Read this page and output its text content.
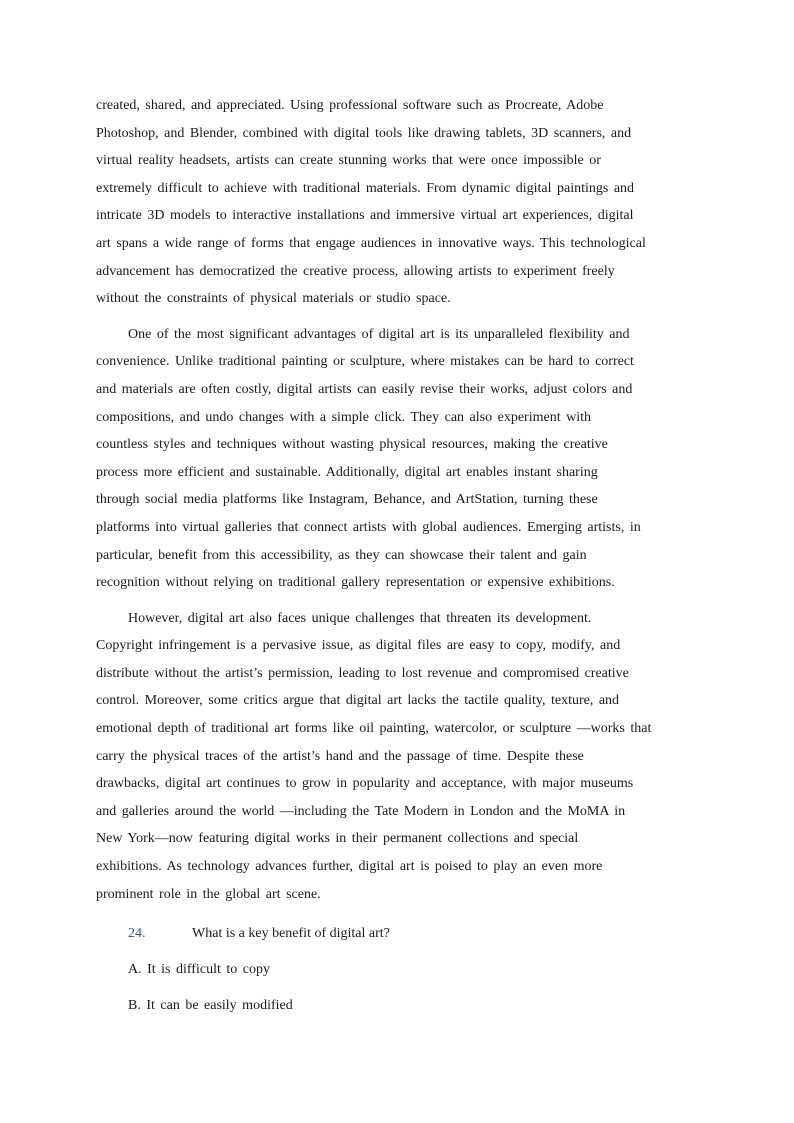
created, shared, and appreciated. Using professional software such as Procreate, Adobe
Photoshop, and Blender, combined with digital tools like drawing tablets, 3D scanners, and
virtual reality headsets, artists can create stunning works that were once impossible or
extremely difficult to achieve with traditional materials. From dynamic digital paintings and
intricate 3D models to interactive installations and immersive virtual art experiences, digital
art spans a wide range of forms that engage audiences in innovative ways. This technological
advancement has democratized the creative process, allowing artists to experiment freely
without the constraints of physical materials or studio space.
One of the most significant advantages of digital art is its unparalleled flexibility and
convenience. Unlike traditional painting or sculpture, where mistakes can be hard to correct
and materials are often costly, digital artists can easily revise their works, adjust colors and
compositions, and undo changes with a simple click. They can also experiment with
countless styles and techniques without wasting physical resources, making the creative
process more efficient and sustainable. Additionally, digital art enables instant sharing
through social media platforms like Instagram, Behance, and ArtStation, turning these
platforms into virtual galleries that connect artists with global audiences. Emerging artists, in
particular, benefit from this accessibility, as they can showcase their talent and gain
recognition without relying on traditional gallery representation or expensive exhibitions.
However, digital art also faces unique challenges that threaten its development.
Copyright infringement is a pervasive issue, as digital files are easy to copy, modify, and
distribute without the artist’s permission, leading to lost revenue and compromised creative
control. Moreover, some critics argue that digital art lacks the tactile quality, texture, and
emotional depth of traditional art forms like oil painting, watercolor, or sculpture —works that
carry the physical traces of the artist’s hand and the passage of time. Despite these
drawbacks, digital art continues to grow in popularity and acceptance, with major museums
and galleries around the world —including the Tate Modern in London and the MoMA in
New York—now featuring digital works in their permanent collections and special
exhibitions. As technology advances further, digital art is poised to play an even more
prominent role in the global art scene.
24.	What is a key benefit of digital art?
A. It is difficult to copy
B. It can be easily modified
